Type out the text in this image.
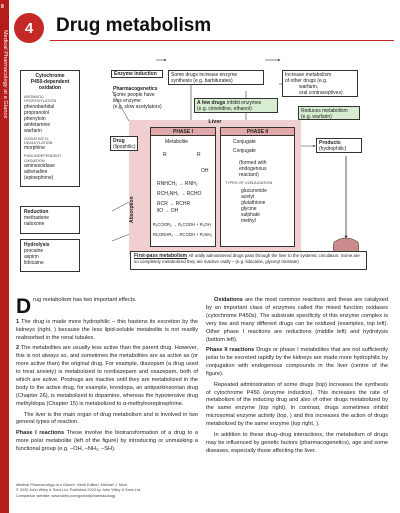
8
Medical Pharmacology at a Glance
4	Drug metabolism
Cytochrome
P450-dependent
oxidation
AROMATIC HYDROXYLATION
phenobarbital
propranolol
phenytoin
amfetamine
warfarin
OXIDATIVE N-DEALKYLATION
morphine
P450-INDEPENDENT OXIDATION
aminexoidase
adrenaline
(epinephrine)
Reduction
methadone
naloxone
Hydrolysis
procaine
aspirin
lidocaine
Enzyme induction	Some drugs increase enzyme
synthesis (e.g. barbiturates)
Increase metabolism
of other drugs (e.g.
warfarin,
oral contraceptives)
Pharmacogenetics
Some people have
less enzyme
(e.g. slow acetylators)
A few drugs inhibit enzymes
(e.g. cimetidine, ethanol)	Reduces metabolism
(e.g. warfarin)
Liver
Drug
(lipophilic)
Absorption
PHASE I
Metabolite
R	R
OH
RNHCH₃ → RNH₂
RCH₂NH₂ → RCHO
RCR → RCHR
‖O → OH
R₁COOR₂ → R₁COOH + R₂OH
RCONHR₂ → RCOOH + R₂NH₂
PHASE II
Conjugate
Conjugate
(formed with
endogenous
reactant)
TYPES OF CONJUGATION
glucuronide
acetyl
glutathione
glycine
sulphate
methyl
Products
(hydrophilic)
First-pass metabolism All orally administered drugs pass through the liver to the systemic circulation. Some are so completely metabolized they are inactive orally – (e.g. lidocaine, glyceryl trinitrate)

Drug metabolism has two important effects.

1 The drug is made more hydrophilic – this hastens its excretion by the kidneys (right, ) because the less lipid-soluble metabolite is not readily reabsorbed in the renal tubules.

2 The metabolites are usually less active than the parent drug. However, this is not always so, and sometimes the metabolites are as active as (or more active than) the original drug. For example, diazepam (a drug used to treat anxiety) is metabolized to nordiazepam and oxazepam, both of which are active. Prodrugs are inactive until they are metabolized in the body to the active drug, for example, levodopa, an antiparkinsonian drug (Chapter 26), is metabolized to dopamine, whereas the hypotensive drug methyldopa (Chapter 15) is metabolized to α-methylnorepinephrine.

The liver is the main organ of drug metabolism and is involved in two general types of reaction.

Phase I reactions These involve the biotransformation of a drug to a more polar metabolite (left of the figure) by introducing or unmasking a functional group (e.g. –OH, –NH₂, –SH).

Oxidations are the most common reactions and these are catalysed by an important class of enzymes called the mixed function oxidases (cytochrome P450s). The substrate specificity of this enzyme complex is very low and many different drugs can be oxidized (examples, top left). Other phase I reactions are reductions (middle left) and hydrolysis (bottom left).

Phase II reactions Drugs or phase I metabolites that are not sufficiently polar to be excreted rapidly by the kidneys are made more hydrophilic by conjugation with endogenous compounds in the liver (centre of the figure).

Repeated administration of some drugs (top) increases the synthesis of cytochrome P450 (enzyme induction). This increases the rate of metabolism of the inducing drug and also of other drugs metabolized by the same enzyme (top right). In contrast, drugs sometimes inhibit microsomal enzyme activity (top, ) and this increases the action of drugs metabolized by the same enzyme (top right, ).

In addition to these drug–drug interactions, the metabolism of drugs may be influenced by genetic factors (pharmacogenetics), age and some diseases, especially those affecting the liver.

Medical Pharmacology at a Glance, Ninth Edition. Michael J. Neal.
© 2020 John Wiley & Sons Ltd. Published 2020 by John Wiley & Sons Ltd.
Companion website: www.wiley.com/go/neal/pharmacology
